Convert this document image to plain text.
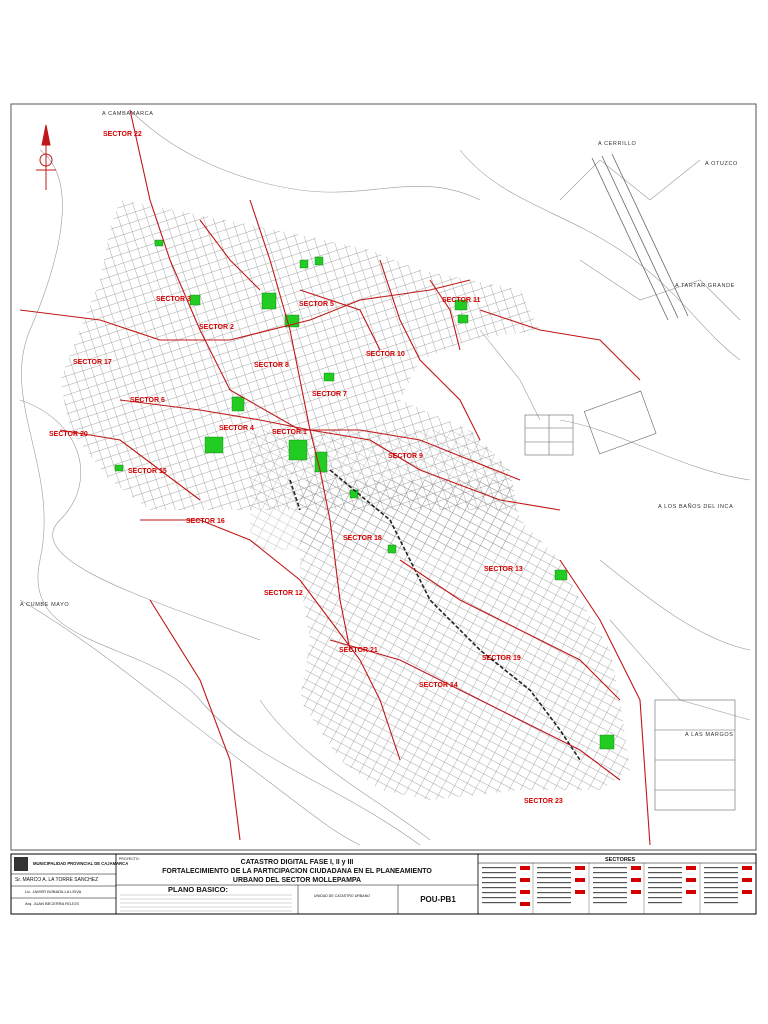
A CAMBAMARCA
A CERRILLO
A OTUZCO
A TARTAR GRANDE
A LOS BAÑOS DEL INCA
A CUMBE MAYO
A LAS MARGOS
SECTOR 22
SECTOR 3
SECTOR 2
SECTOR 5
SECTOR 11
SECTOR 10
SECTOR 17	SECTOR 8
SECTOR 6
SECTOR 7
SECTOR 20
SECTOR 4
SECTOR 1
SECTOR 9
SECTOR 15
SECTOR 16
SECTOR 18
SECTOR 13
SECTOR 12
SECTOR 21
SECTOR 19
SECTOR 14
SECTOR 23
MUNICIPALIDAD PROVINCIAL DE CAJAMARCA
Sr. MARCO A. LA TORRE SANCHEZ
Lic. JAVIER BOBADILLA LEIVA
Arq. JUAN BECERRA ROJOS
PROYECTO:	CATASTRO DIGITAL FASE I, II y III
FORTALECIMIENTO DE LA PARTICIPACION CIUDADANA EN EL PLANEAMIENTO
URBANO DEL SECTOR MOLLEPAMPA
PLANO BASICO:
UNIDAD DE CATASTRO URBANO	POU-PB1
SECTORES
